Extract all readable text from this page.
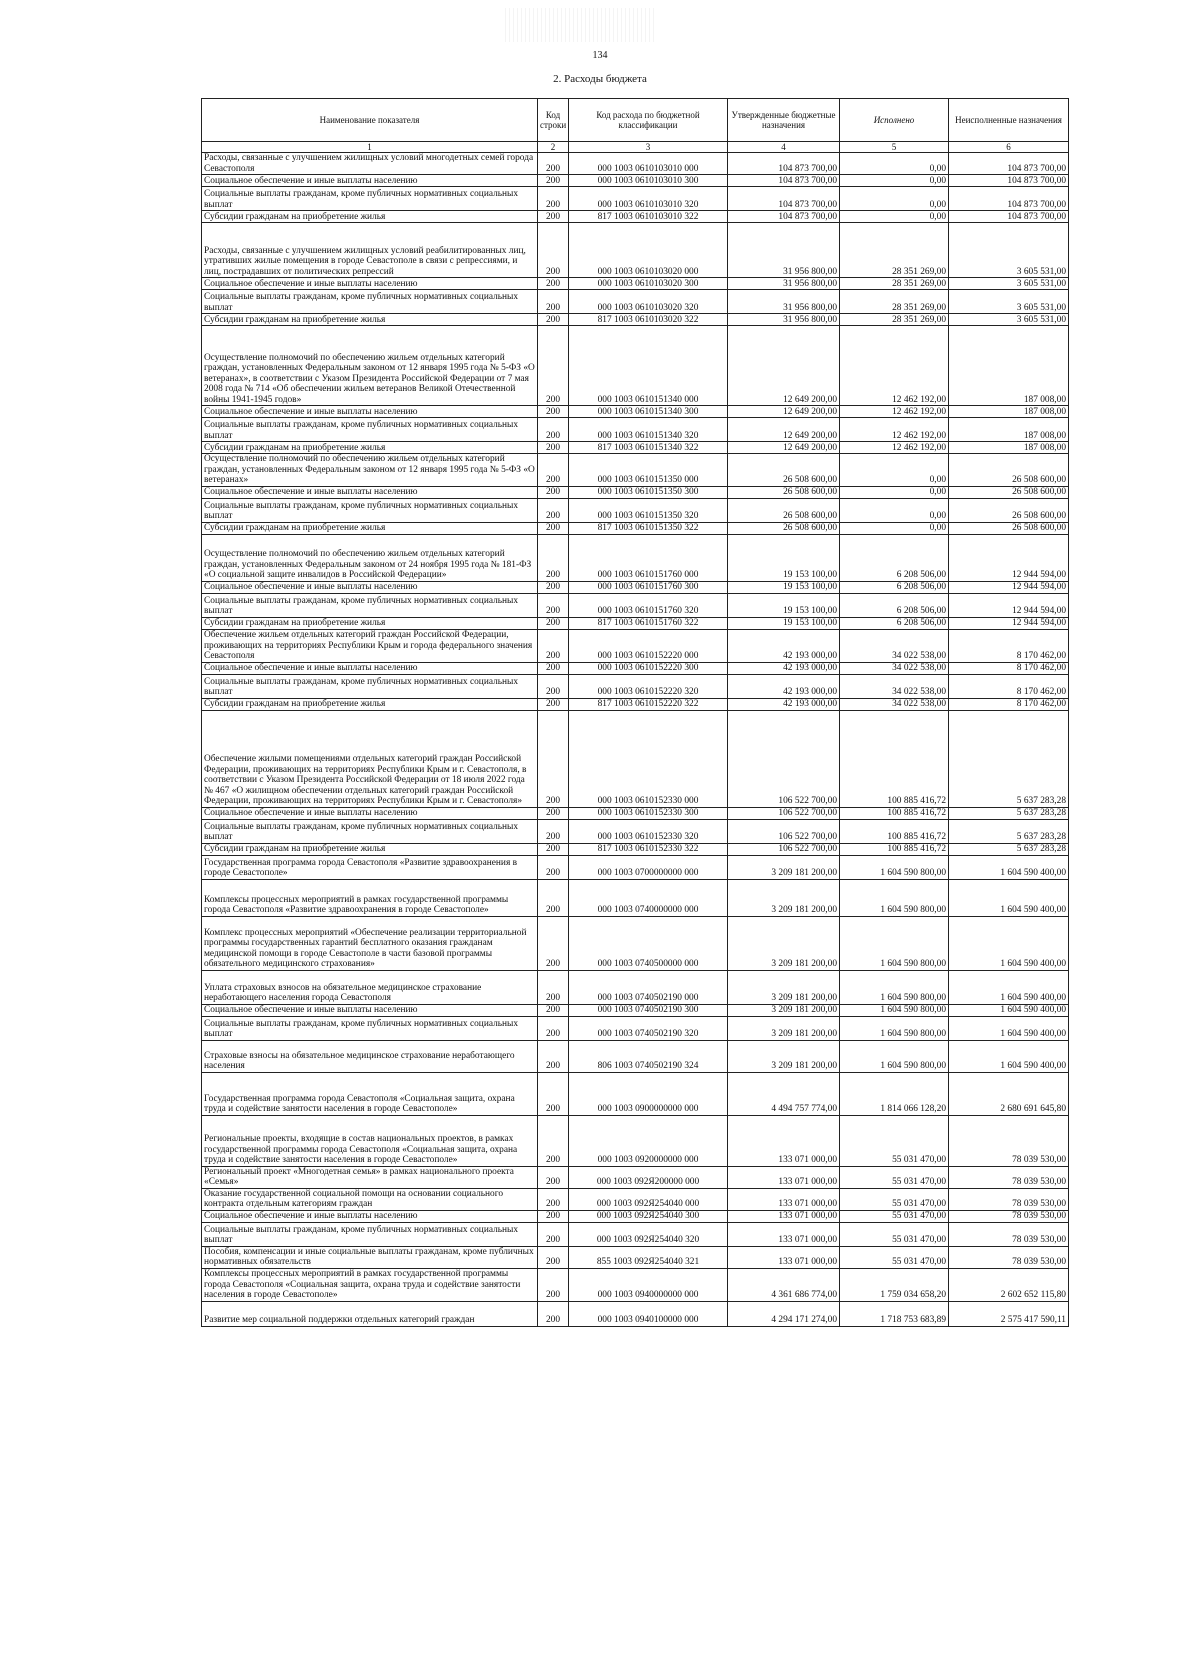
134
2. Расходы бюджета
Наименование показателя	Код строки	Код расхода по бюджетной классификации	Утвержденные бюджетные назначения	Исполнено	Неисполненные назначения
1	2	3	4	5	6
Расходы, связанные с улучшением жилищных условий многодетных семей города Севастополя	200	000 1003 0610103010 000	104 873 700,00	0,00	104 873 700,00
Социальное обеспечение и иные выплаты населению	200	000 1003 0610103010 300	104 873 700,00	0,00	104 873 700,00
Социальные выплаты гражданам, кроме публичных нормативных социальных выплат	200	000 1003 0610103010 320	104 873 700,00	0,00	104 873 700,00
Субсидии гражданам на приобретение жилья	200	817 1003 0610103010 322	104 873 700,00	0,00	104 873 700,00
Расходы, связанные с улучшением жилищных условий реабилитированных лиц, утративших жилые помещения в городе Севастополе в связи с репрессиями, и лиц, пострадавших от политических репрессий	200	000 1003 0610103020 000	31 956 800,00	28 351 269,00	3 605 531,00
Социальное обеспечение и иные выплаты населению	200	000 1003 0610103020 300	31 956 800,00	28 351 269,00	3 605 531,00
Социальные выплаты гражданам, кроме публичных нормативных социальных выплат	200	000 1003 0610103020 320	31 956 800,00	28 351 269,00	3 605 531,00
Субсидии гражданам на приобретение жилья	200	817 1003 0610103020 322	31 956 800,00	28 351 269,00	3 605 531,00
Осуществление полномочий по обеспечению жильем отдельных категорий граждан, установленных Федеральным законом от 12 января 1995 года № 5-ФЗ «О ветеранах», в соответствии с Указом Президента Российской Федерации от 7 мая 2008 года № 714 «Об обеспечении жильем ветеранов Великой Отечественной войны 1941-1945 годов»	200	000 1003 0610151340 000	12 649 200,00	12 462 192,00	187 008,00
Социальное обеспечение и иные выплаты населению	200	000 1003 0610151340 300	12 649 200,00	12 462 192,00	187 008,00
Социальные выплаты гражданам, кроме публичных нормативных социальных выплат	200	000 1003 0610151340 320	12 649 200,00	12 462 192,00	187 008,00
Субсидии гражданам на приобретение жилья	200	817 1003 0610151340 322	12 649 200,00	12 462 192,00	187 008,00
Осуществление полномочий по обеспечению жильем отдельных категорий граждан, установленных Федеральным законом от 12 января 1995 года № 5-ФЗ «О ветеранах»	200	000 1003 0610151350 000	26 508 600,00	0,00	26 508 600,00
Социальное обеспечение и иные выплаты населению	200	000 1003 0610151350 300	26 508 600,00	0,00	26 508 600,00
Социальные выплаты гражданам, кроме публичных нормативных социальных выплат	200	000 1003 0610151350 320	26 508 600,00	0,00	26 508 600,00
Субсидии гражданам на приобретение жилья	200	817 1003 0610151350 322	26 508 600,00	0,00	26 508 600,00
Осуществление полномочий по обеспечению жильем отдельных категорий граждан, установленных Федеральным законом от 24 ноября 1995 года № 181-ФЗ «О социальной защите инвалидов в Российской Федерации»	200	000 1003 0610151760 000	19 153 100,00	6 208 506,00	12 944 594,00
Социальное обеспечение и иные выплаты населению	200	000 1003 0610151760 300	19 153 100,00	6 208 506,00	12 944 594,00
Социальные выплаты гражданам, кроме публичных нормативных социальных выплат	200	000 1003 0610151760 320	19 153 100,00	6 208 506,00	12 944 594,00
Субсидии гражданам на приобретение жилья	200	817 1003 0610151760 322	19 153 100,00	6 208 506,00	12 944 594,00
Обеспечение жильем отдельных категорий граждан Российской Федерации, проживающих на территориях Республики Крым и города федерального значения Севастополя	200	000 1003 0610152220 000	42 193 000,00	34 022 538,00	8 170 462,00
Социальное обеспечение и иные выплаты населению	200	000 1003 0610152220 300	42 193 000,00	34 022 538,00	8 170 462,00
Социальные выплаты гражданам, кроме публичных нормативных социальных выплат	200	000 1003 0610152220 320	42 193 000,00	34 022 538,00	8 170 462,00
Субсидии гражданам на приобретение жилья	200	817 1003 0610152220 322	42 193 000,00	34 022 538,00	8 170 462,00
Обеспечение жилыми помещениями отдельных категорий граждан Российской Федерации, проживающих на территориях Республики Крым и г. Севастополя, в соответствии с Указом Президента Российской Федерации от 18 июля 2022 года № 467 «О жилищном обеспечении отдельных категорий граждан Российской Федерации, проживающих на территориях Республики Крым и г. Севастополя»	200	000 1003 0610152330 000	106 522 700,00	100 885 416,72	5 637 283,28
Социальное обеспечение и иные выплаты населению	200	000 1003 0610152330 300	106 522 700,00	100 885 416,72	5 637 283,28
Социальные выплаты гражданам, кроме публичных нормативных социальных выплат	200	000 1003 0610152330 320	106 522 700,00	100 885 416,72	5 637 283,28
Субсидии гражданам на приобретение жилья	200	817 1003 0610152330 322	106 522 700,00	100 885 416,72	5 637 283,28
Государственная программа города Севастополя «Развитие здравоохранения в городе Севастополе»	200	000 1003 0700000000 000	3 209 181 200,00	1 604 590 800,00	1 604 590 400,00
Комплексы процессных мероприятий в рамках государственной программы города Севастополя «Развитие здравоохранения в городе Севастополе»	200	000 1003 0740000000 000	3 209 181 200,00	1 604 590 800,00	1 604 590 400,00
Комплекс процессных мероприятий «Обеспечение реализации территориальной программы государственных гарантий бесплатного оказания гражданам медицинской помощи в городе Севастополе в части базовой программы обязательного медицинского страхования»	200	000 1003 0740500000 000	3 209 181 200,00	1 604 590 800,00	1 604 590 400,00
Уплата страховых взносов на обязательное медицинское страхование неработающего населения города Севастополя	200	000 1003 0740502190 000	3 209 181 200,00	1 604 590 800,00	1 604 590 400,00
Социальное обеспечение и иные выплаты населению	200	000 1003 0740502190 300	3 209 181 200,00	1 604 590 800,00	1 604 590 400,00
Социальные выплаты гражданам, кроме публичных нормативных социальных выплат	200	000 1003 0740502190 320	3 209 181 200,00	1 604 590 800,00	1 604 590 400,00
Страховые взносы на обязательное медицинское страхование неработающего населения	200	806 1003 0740502190 324	3 209 181 200,00	1 604 590 800,00	1 604 590 400,00
Государственная программа города Севастополя «Социальная защита, охрана труда и содействие занятости населения в городе Севастополе»	200	000 1003 0900000000 000	4 494 757 774,00	1 814 066 128,20	2 680 691 645,80
Региональные проекты, входящие в состав национальных проектов, в рамках государственной программы города Севастополя «Социальная защита, охрана труда и содействие занятости населения в городе Севастополе»	200	000 1003 0920000000 000	133 071 000,00	55 031 470,00	78 039 530,00
Региональный проект «Многодетная семья» в рамках национального проекта «Семья»	200	000 1003 092Я200000 000	133 071 000,00	55 031 470,00	78 039 530,00
Оказание государственной социальной помощи на основании социального контракта отдельным категориям граждан	200	000 1003 092Я254040 000	133 071 000,00	55 031 470,00	78 039 530,00
Социальное обеспечение и иные выплаты населению	200	000 1003 092Я254040 300	133 071 000,00	55 031 470,00	78 039 530,00
Социальные выплаты гражданам, кроме публичных нормативных социальных выплат	200	000 1003 092Я254040 320	133 071 000,00	55 031 470,00	78 039 530,00
Пособия, компенсации и иные социальные выплаты гражданам, кроме публичных нормативных обязательств	200	855 1003 092Я254040 321	133 071 000,00	55 031 470,00	78 039 530,00
Комплексы процессных мероприятий в рамках государственной программы города Севастополя «Социальная защита, охрана труда и содействие занятости населения в городе Севастополе»	200	000 1003 0940000000 000	4 361 686 774,00	1 759 034 658,20	2 602 652 115,80
Развитие мер социальной поддержки отдельных категорий граждан	200	000 1003 0940100000 000	4 294 171 274,00	1 718 753 683,89	2 575 417 590,11
